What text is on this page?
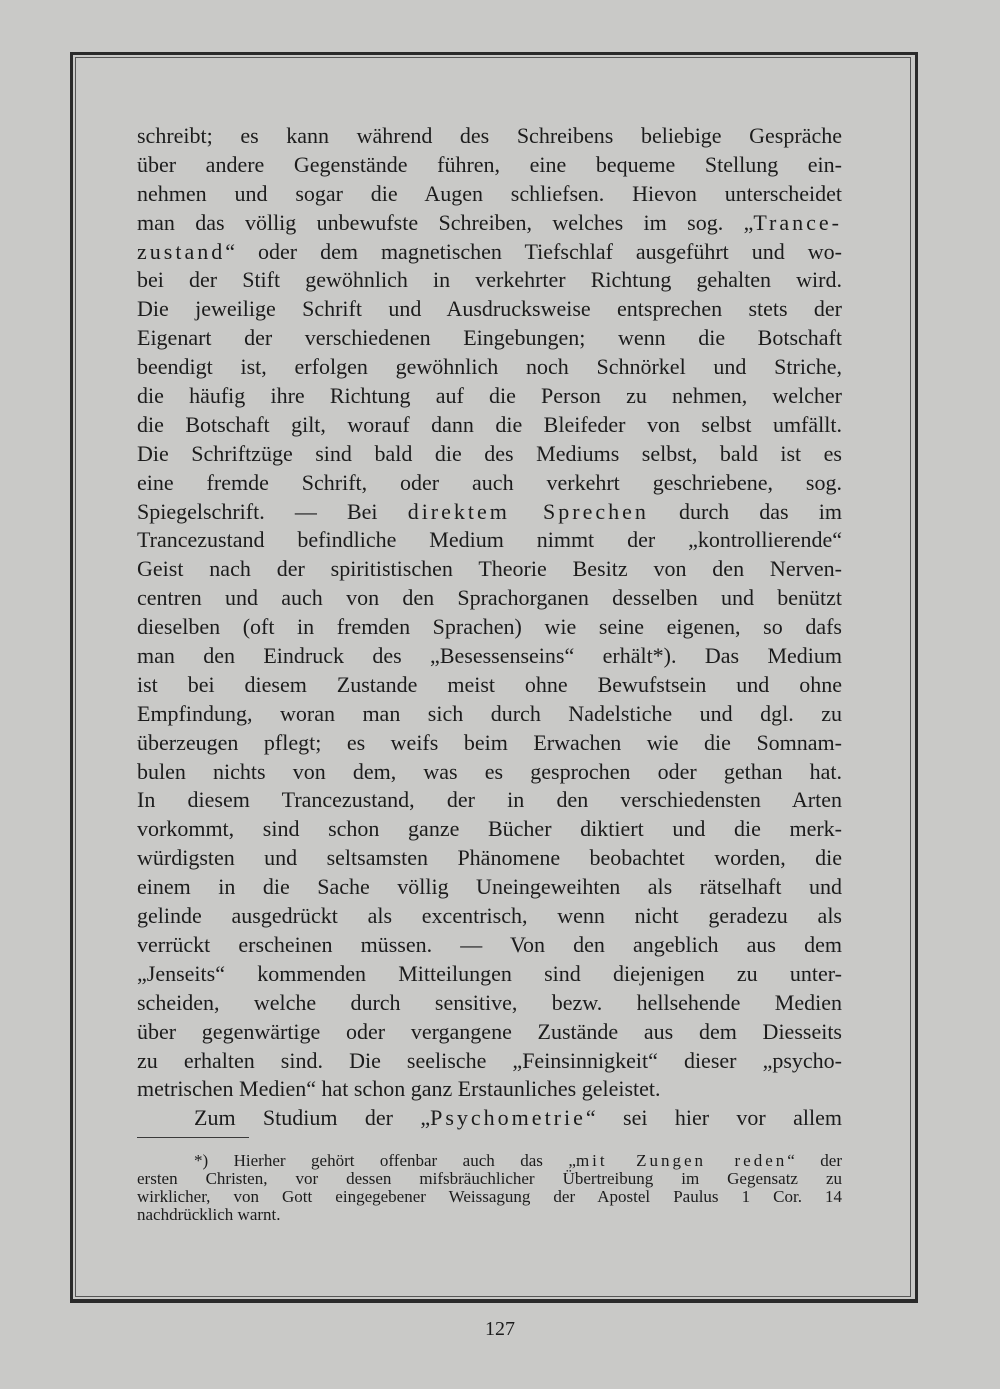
schreibt; es kann während des Schreibens beliebige Gespräche
über andere Gegenstände führen, eine bequeme Stellung ein-
nehmen und sogar die Augen schliefsen. Hievon unterscheidet
man das völlig unbewufste Schreiben, welches im sog. „Trance-
zustand“ oder dem magnetischen Tiefschlaf ausgeführt und wo-
bei der Stift gewöhnlich in verkehrter Richtung gehalten wird.
Die jeweilige Schrift und Ausdrucksweise entsprechen stets der
Eigenart der verschiedenen Eingebungen; wenn die Botschaft
beendigt ist, erfolgen gewöhnlich noch Schnörkel und Striche,
die häufig ihre Richtung auf die Person zu nehmen, welcher
die Botschaft gilt, worauf dann die Bleifeder von selbst umfällt.
Die Schriftzüge sind bald die des Mediums selbst, bald ist es
eine fremde Schrift, oder auch verkehrt geschriebene, sog.
Spiegelschrift. — Bei direktem Sprechen durch das im
Trancezustand befindliche Medium nimmt der „kontrollierende“
Geist nach der spiritistischen Theorie Besitz von den Nerven-
centren und auch von den Sprachorganen desselben und benützt
dieselben (oft in fremden Sprachen) wie seine eigenen, so dafs
man den Eindruck des „Besessenseins“ erhält*). Das Medium
ist bei diesem Zustande meist ohne Bewufstsein und ohne
Empfindung, woran man sich durch Nadelstiche und dgl. zu
überzeugen pflegt; es weifs beim Erwachen wie die Somnam-
bulen nichts von dem, was es gesprochen oder gethan hat.
In diesem Trancezustand, der in den verschiedensten Arten
vorkommt, sind schon ganze Bücher diktiert und die merk-
würdigsten und seltsamsten Phänomene beobachtet worden, die
einem in die Sache völlig Uneingeweihten als rätselhaft und
gelinde ausgedrückt als excentrisch, wenn nicht geradezu als
verrückt erscheinen müssen. — Von den angeblich aus dem
„Jenseits“ kommenden Mitteilungen sind diejenigen zu unter-
scheiden, welche durch sensitive, bezw. hellsehende Medien
über gegenwärtige oder vergangene Zustände aus dem Diesseits
zu erhalten sind. Die seelische „Feinsinnigkeit“ dieser „psycho-
metrischen Medien“ hat schon ganz Erstaunliches geleistet.
Zum Studium der „Psychometrie“ sei hier vor allem
*) Hierher gehört offenbar auch das „mit Zungen reden“ der
ersten Christen, vor dessen mifsbräuchlicher Übertreibung im Gegensatz zu
wirklicher, von Gott eingegebener Weissagung der Apostel Paulus 1 Cor. 14
nachdrücklich warnt.
127
